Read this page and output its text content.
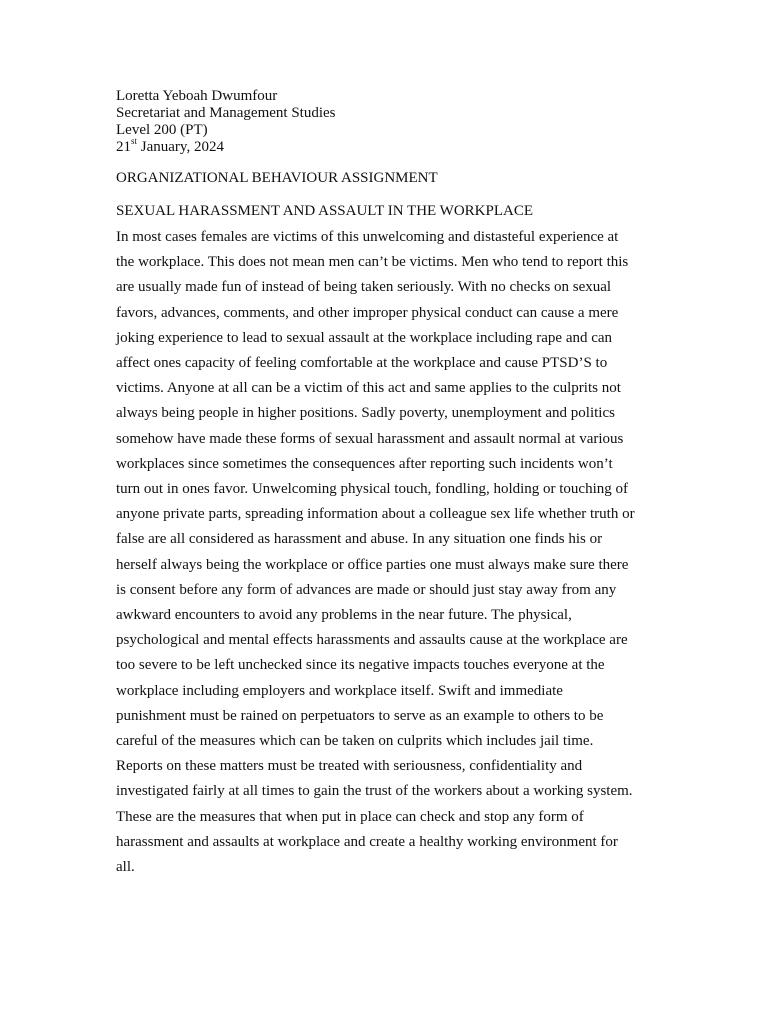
Loretta Yeboah Dwumfour
Secretariat and Management Studies
Level 200 (PT)
21st January, 2024
ORGANIZATIONAL BEHAVIOUR ASSIGNMENT
SEXUAL HARASSMENT AND ASSAULT IN THE WORKPLACE
In most cases females are victims of this unwelcoming and distasteful experience at
the workplace. This does not mean men can’t be victims. Men who tend to report this
are usually made fun of instead of being taken seriously. With no checks on sexual
favors, advances, comments, and other improper physical conduct can cause a mere
joking experience to lead to sexual assault at the workplace including rape and can
affect ones capacity of feeling comfortable at the workplace and cause PTSD’S to
victims. Anyone at all can be a victim of this act and same applies to the culprits not
always being people in higher positions. Sadly poverty, unemployment and politics
somehow have made these forms of sexual harassment and assault normal at various
workplaces since sometimes the consequences after reporting such incidents won’t
turn out in ones favor. Unwelcoming physical touch, fondling, holding or touching of
anyone private parts, spreading information about a colleague sex life whether truth or
false are all considered as harassment and abuse. In any situation one finds his or
herself always being the workplace or office parties one must always make sure there
is consent before any form of advances are made or should just stay away from any
awkward encounters to avoid any problems in the near future. The physical,
psychological and mental effects harassments and assaults cause at the workplace are
too severe to be left unchecked since its negative impacts touches everyone at the
workplace including employers and workplace itself. Swift and immediate
punishment must be rained on perpetuators to serve as an example to others to be
careful of the measures which can be taken on culprits which includes jail time.
Reports on these matters must be treated with seriousness, confidentiality and
investigated fairly at all times to gain the trust of the workers about a working system.
These are the measures that when put in place can check and stop any form of
harassment and assaults at workplace and create a healthy working environment for
all.
